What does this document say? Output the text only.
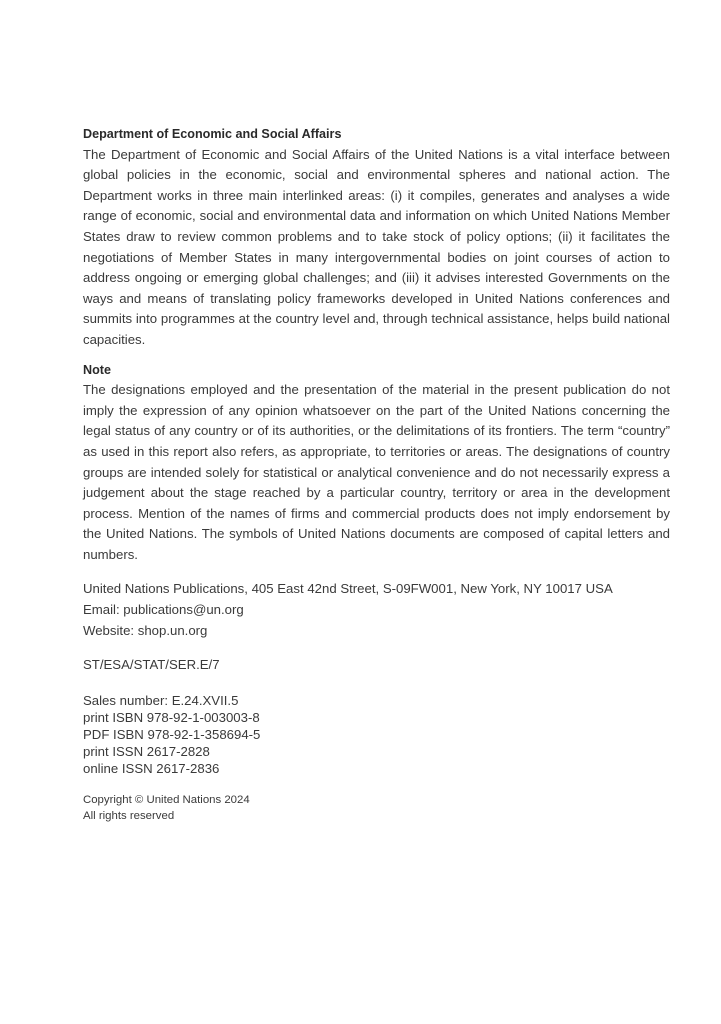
Department of Economic and Social Affairs

The Department of Economic and Social Affairs of the United Nations is a vital interface between global policies in the economic, social and environmental spheres and national action. The Department works in three main interlinked areas: (i) it compiles, generates and analyses a wide range of economic, social and environmental data and information on which United Nations Member States draw to review common problems and to take stock of policy options; (ii) it facilitates the negotiations of Member States in many intergovernmental bodies on joint courses of action to address ongoing or emerging global challenges; and (iii) it advises interested Governments on the ways and means of translating policy frameworks developed in United Nations conferences and summits into programmes at the country level and, through technical assistance, helps build national capacities.

Note

The designations employed and the presentation of the material in the present publication do not imply the expression of any opinion whatsoever on the part of the United Nations concerning the legal status of any country or of its authorities, or the delimitations of its frontiers. The term “country” as used in this report also refers, as appropriate, to territories or areas. The designations of country groups are intended solely for statistical or analytical convenience and do not necessarily express a judgement about the stage reached by a particular country, territory or area in the development process. Mention of the names of firms and commercial products does not imply endorsement by the United Nations. The symbols of United Nations documents are composed of capital letters and numbers.

United Nations Publications, 405 East 42nd Street, S-09FW001, New York, NY 10017 USA

Email: publications@un.org

Website: shop.un.org

ST/ESA/STAT/SER.E/7

Sales number: E.24.XVII.5

print ISBN 978-92-1-003003-8

PDF ISBN 978-92-1-358694-5

print ISSN 2617-2828

online ISSN 2617-2836

Copyright © United Nations 2024

All rights reserved
